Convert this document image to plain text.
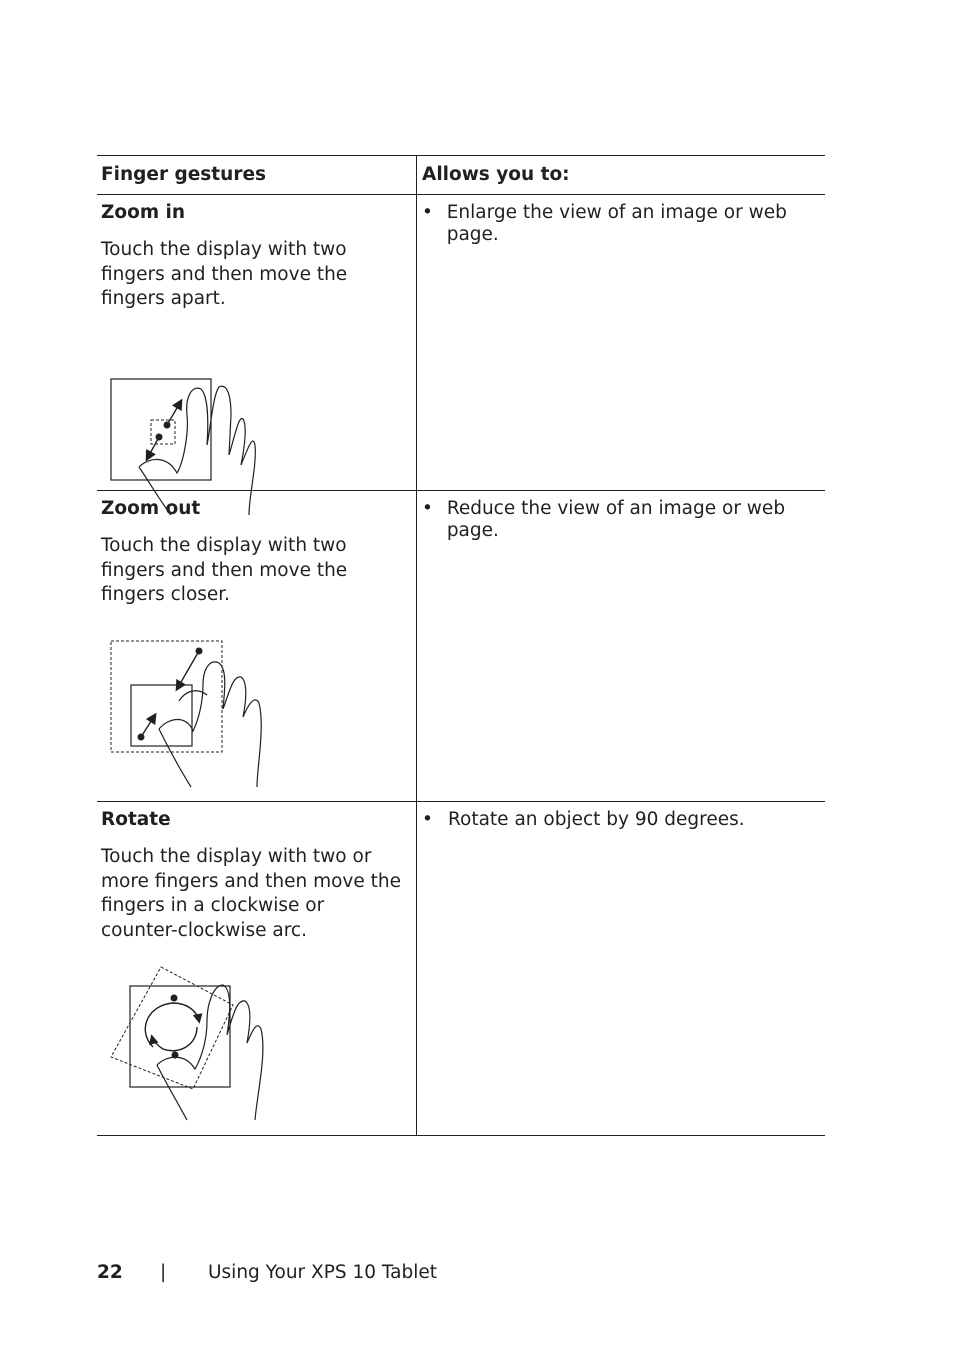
Finger gestures	Allows you to:
Zoom in
Touch the display with two fingers and then move the fingers apart.
• Enlarge the view of an image or web page.
Zoom out
Touch the display with two fingers and then move the fingers closer.
• Reduce the view of an image or web page.
Rotate
Touch the display with two or more fingers and then move the fingers in a clockwise or counter-clockwise arc.
• Rotate an object by 90 degrees.
22 | Using Your XPS 10 Tablet
